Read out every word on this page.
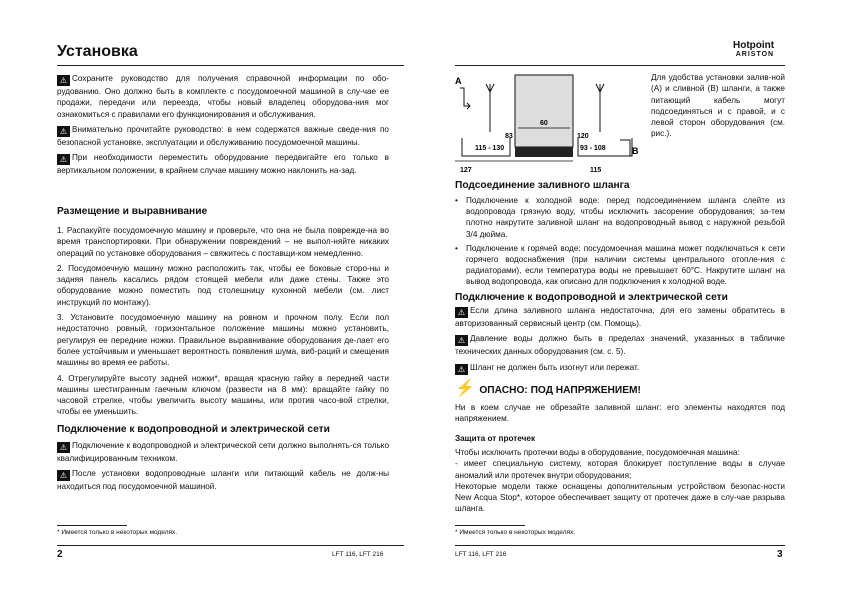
Установка

⚠ Сохраните руководство для получения справочной информации по обо-рудованию. Оно должно быть в комплекте с посудомоечной машиной в слу-чае ее продажи, передачи или переезда, чтобы новый владелец оборудова-ния мог ознакомиться с правилами его функционирования и обслуживания.

⚠ Внимательно прочитайте руководство: в нем содержатся важные сведе-ния по безопасной установке, эксплуатации и обслуживанию посудомоечной машины.

⚠ При необходимости переместить оборудование передвигайте его только в вертикальном положении, в крайнем случае машину можно наклонить на-зад.

Размещение и выравнивание

1. Распакуйте посудомоечную машину и проверьте, что она не была поврежде-на во время транспортировки. При обнаружении повреждений – не выпол-няйте никаких операций по установке оборудования – свяжитесь с поставщи-ком немедленно.

2. Посудомоечную машину можно расположить так, чтобы ее боковые сторо-ны и задняя панель касались рядом стоящей мебели или даже стены. Также это оборудование можно поместить под столешницу кухонной мебели (см. лист инструкций по монтажу).

3. Установите посудомоечную машину на ровном и прочном полу. Если пол недостаточно ровный, горизонтальное положение машины можно установить, регулируя ее передние ножки. Правильное выравнивание оборудования де-лает его более устойчивым и уменьшает вероятность появления шума, виб-раций и смещения машины во время ее работы.

4. Отрегулируйте высоту задней ножки*, вращая красную гайку в передней части машины шестигранным гаечным ключом (развести на 8 мм): вращайте гайку по часовой стрелке, чтобы увеличить высоту машины, или против часо-вой стрелки, чтобы ее уменьшить.

Подключение к водопроводной и электрической сети

⚠ Подключение к водопроводной и электрической сети должно выполнять-ся только квалифицированным техником.

⚠ После установки водопроводные шланги или питающий кабель не долж-ны находиться под посудомоечной машиной.

* Имеется только в некоторых моделях.
2	LFT 116, LFT 216
Hotpoint
ARISTON
A
60
83	120
115 - 130	93 - 108
127	115
B
Для удобства установки залив-ной (А) и сливной (В) шланги, а также питающий кабель могут подсоединяться и с правой, и с левой сторон оборудования (см. рис.).
Подсоединение заливного шланга
• Подключение к холодной воде: перед подсоединением шланга слейте из водопровода грязную воду, чтобы исключить засорение оборудования; за-тем плотно накрутите заливной шланг на водопроводный вывод с наружной резьбой 3/4 дюйма.
• Подключение к горячей воде: посудомоечная машина может подключаться к сети горячего водоснабжения (при наличии системы центрального отопле-ния с радиаторами), если температура воды не превышает 60°C. Накрутите шланг на вывод водопровода, как описано для подключения к холодной воде.
Подключение к водопроводной и электрической сети

⚠ Если длина заливного шланга недостаточна, для его замены обратитесь в авторизованный сервисный центр (см. Помощь).

⚠ Давление воды должно быть в пределах значений, указанных в табличке технических данных оборудования (см. с. 5).

⚠ Шланг не должен быть изогнут или пережат.

⚡ ОПАСНО: ПОД НАПРЯЖЕНИЕМ!
Ни в коем случае не обрезайте заливной шланг: его элементы находятся под напряжением.
Защита от протечек

Чтобы исключить протечки воды в оборудование, посудомоечная машина:

- имеет специальную систему, которая блокирует поступление воды в случае аномалий или протечек внутри оборудования;

Некоторые модели также оснащены дополнительным устройством безопас-ности New Acqua Stop*, которое обеспечивает защиту от протечек даже в слу-чае разрыва шланга.

* Имеется только в некоторых моделях.
LFT 116, LFT 216	3
